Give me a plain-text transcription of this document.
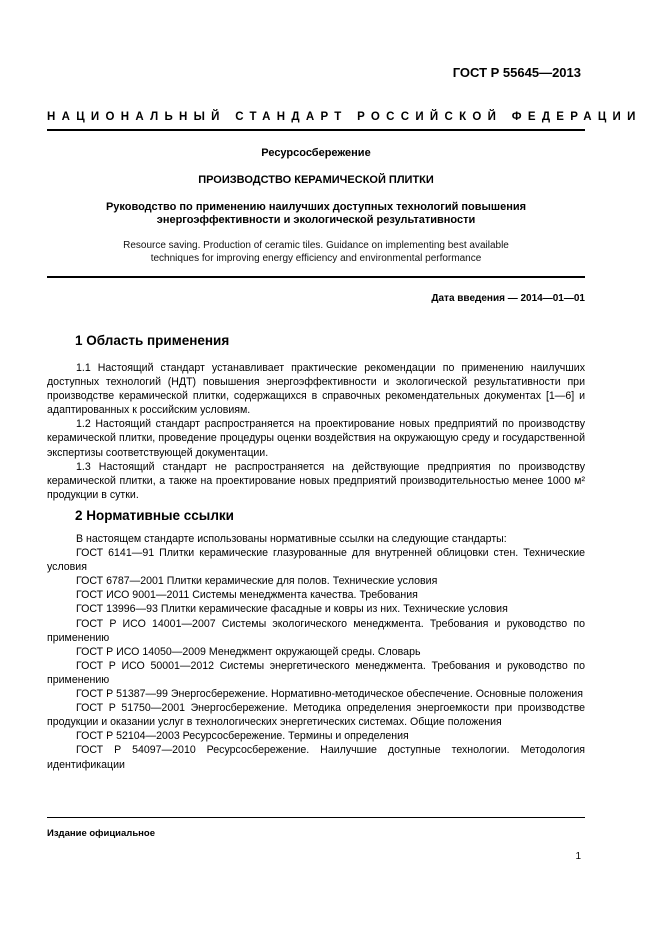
ГОСТ Р 55645—2013
НАЦИОНАЛЬНЫЙ СТАНДАРТ РОССИЙСКОЙ ФЕДЕРАЦИИ
Ресурсосбережение
ПРОИЗВОДСТВО КЕРАМИЧЕСКОЙ ПЛИТКИ
Руководство по применению наилучших доступных технологий повышения
энергоэффективности и экологической результативности
Resource saving. Production of ceramic tiles. Guidance on implementing best available
techniques for improving energy efficiency and environmental performance
Дата введения — 2014—01—01
1 Область применения

1.1 Настоящий стандарт устанавливает практические рекомендации по применению наилучших доступных технологий (НДТ) повышения энергоэффективности и экологической результативности при производстве керамической плитки, содержащихся в справочных рекомендательных документах [1—6] и адаптированных к российским условиям.

1.2 Настоящий стандарт распространяется на проектирование новых предприятий по производству керамической плитки, проведение процедуры оценки воздействия на окружающую среду и государственной экспертизы соответствующей документации.

1.3 Настоящий стандарт не распространяется на действующие предприятия по производству керамической плитки, а также на проектирование новых предприятий производительностью менее 1000 м² продукции в сутки.

2 Нормативные ссылки

В настоящем стандарте использованы нормативные ссылки на следующие стандарты:

ГОСТ 6141—91 Плитки керамические глазурованные для внутренней облицовки стен. Технические условия

ГОСТ 6787—2001 Плитки керамические для полов. Технические условия

ГОСТ ИСО 9001—2011 Системы менеджмента качества. Требования

ГОСТ 13996—93 Плитки керамические фасадные и ковры из них. Технические условия

ГОСТ Р ИСО 14001—2007 Системы экологического менеджмента. Требования и руководство по применению

ГОСТ Р ИСО 14050—2009 Менеджмент окружающей среды. Словарь

ГОСТ Р ИСО 50001—2012 Системы энергетического менеджмента. Требования и руководство по применению

ГОСТ Р 51387—99 Энергосбережение. Нормативно-методическое обеспечение. Основные положения

ГОСТ Р 51750—2001 Энергосбережение. Методика определения энергоемкости при производстве продукции и оказании услуг в технологических энергетических системах. Общие положения

ГОСТ Р 52104—2003 Ресурсосбережение. Термины и определения

ГОСТ Р 54097—2010 Ресурсосбережение. Наилучшие доступные технологии. Методология идентификации

Издание официальное
1
